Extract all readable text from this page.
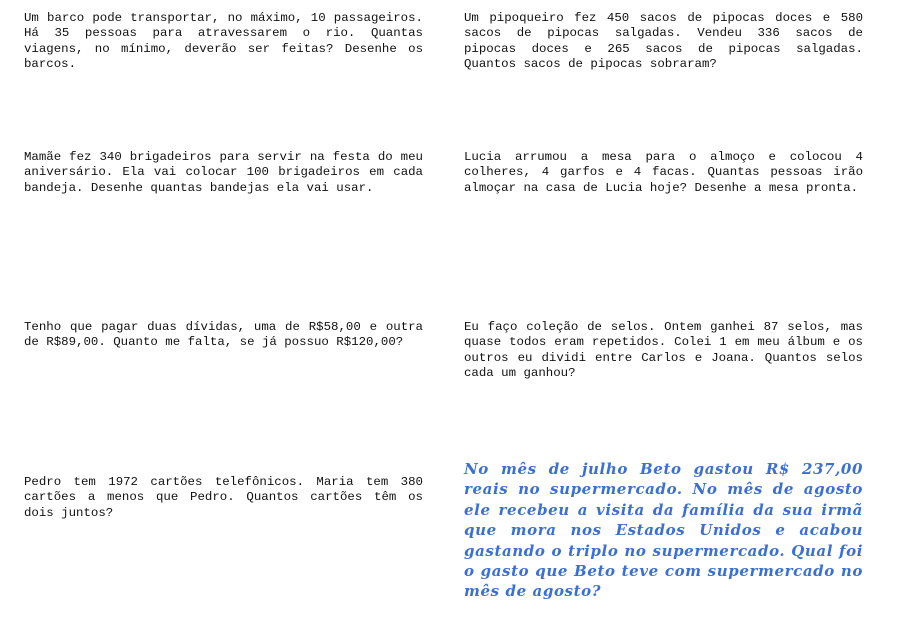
Um barco pode transportar, no máximo, 10 passageiros. Há 35 pessoas para atravessarem o rio. Quantas viagens, no mínimo, deverão ser feitas? Desenhe os barcos.

Um pipoqueiro fez 450 sacos de pipocas doces e 580 sacos de pipocas salgadas. Vendeu 336 sacos de pipocas doces e 265 sacos de pipocas salgadas. Quantos sacos de pipocas sobraram?

Mamãe fez 340 brigadeiros para servir na festa do meu aniversário. Ela vai colocar 100 brigadeiros em cada bandeja. Desenhe quantas bandejas ela vai usar.

Lucia arrumou a mesa para o almoço e colocou 4 colheres, 4 garfos e 4 facas. Quantas pessoas irão almoçar na casa de Lucia hoje? Desenhe a mesa pronta.

Tenho que pagar duas dívidas, uma de R$58,00 e outra de R$89,00. Quanto me falta, se já possuo R$120,00?

Eu faço coleção de selos. Ontem ganhei 87 selos, mas quase todos eram repetidos. Colei 1 em meu álbum e os outros eu dividi entre Carlos e Joana. Quantos selos cada um ganhou?

Pedro tem 1972 cartões telefônicos. Maria tem 380 cartões a menos que Pedro. Quantos cartões têm os dois juntos?

No mês de julho Beto gastou R$ 237,00 reais no supermercado. No mês de agosto ele recebeu a visita da família da sua irmã que mora nos Estados Unidos e acabou gastando o triplo no supermercado. Qual foi o gasto que Beto teve com supermercado no mês de agosto?
